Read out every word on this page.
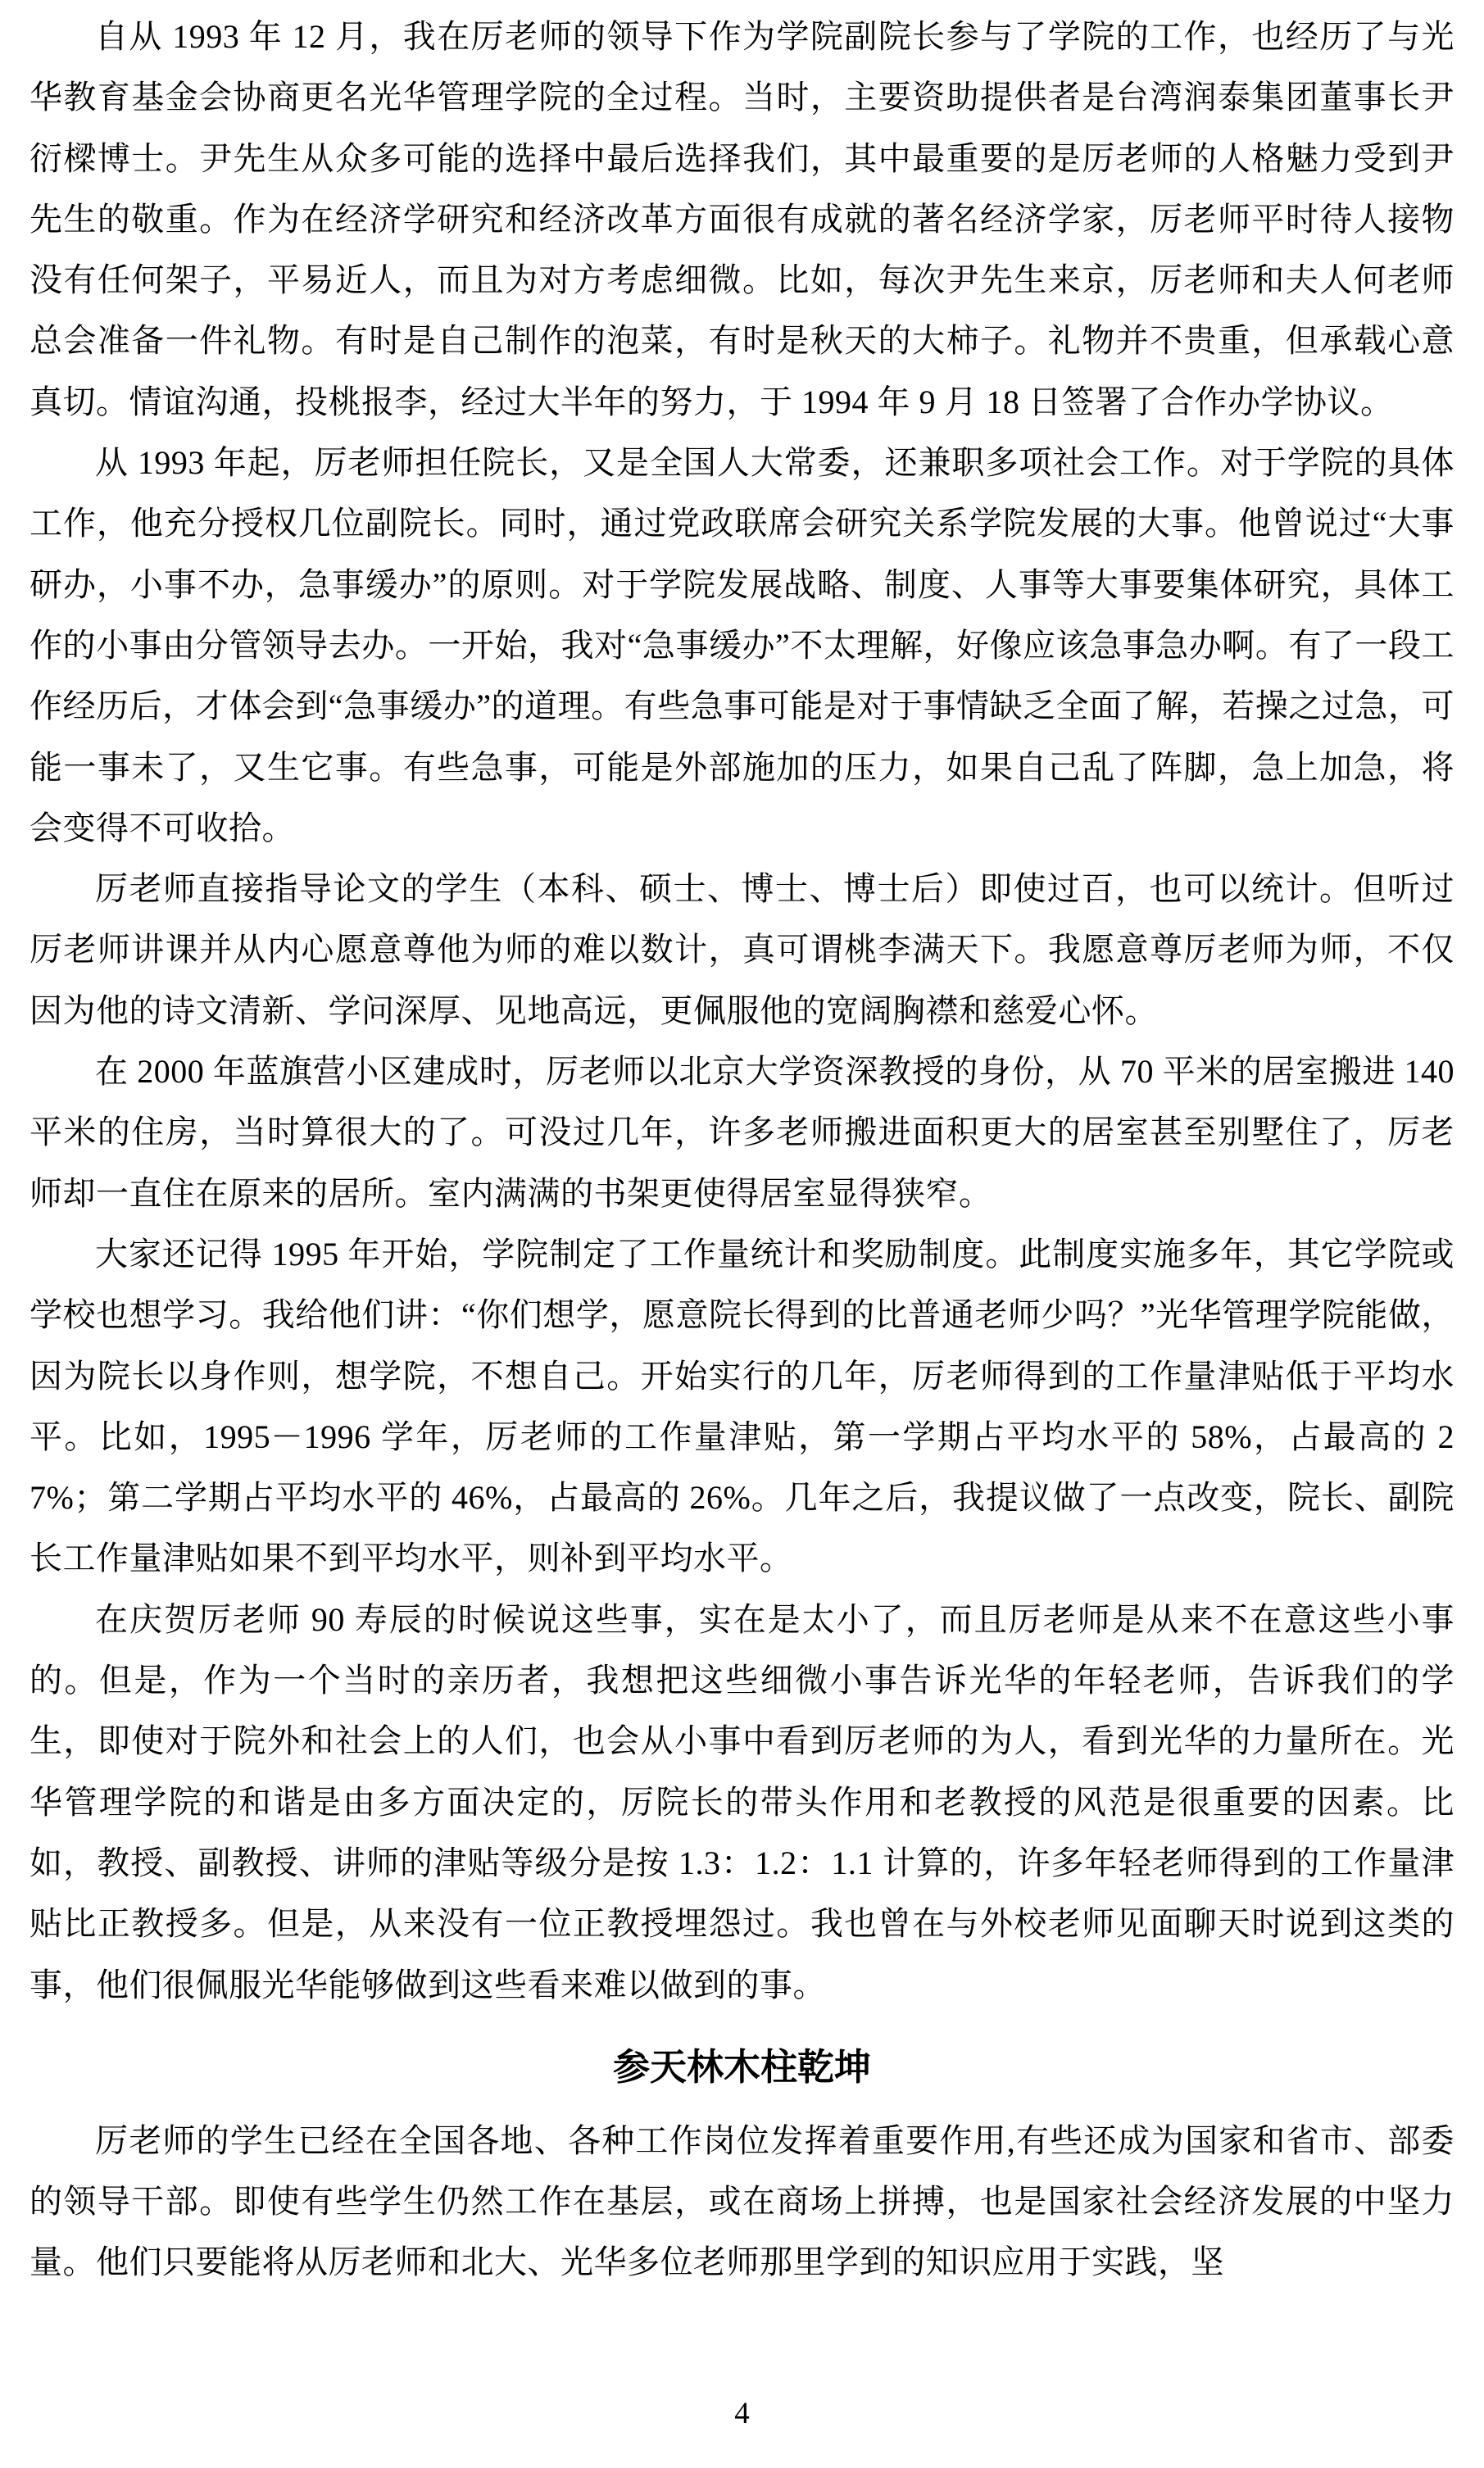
自从 1993 年 12 月，我在厉老师的领导下作为学院副院长参与了学院的工作，也经历了与光华教育基金会协商更名光华管理学院的全过程。当时，主要资助提供者是台湾润泰集团董事长尹衍樑博士。尹先生从众多可能的选择中最后选择我们，其中最重要的是厉老师的人格魅力受到尹先生的敬重。作为在经济学研究和经济改革方面很有成就的著名经济学家，厉老师平时待人接物没有任何架子，平易近人，而且为对方考虑细微。比如，每次尹先生来京，厉老师和夫人何老师总会准备一件礼物。有时是自己制作的泡菜，有时是秋天的大柿子。礼物并不贵重，但承载心意真切。情谊沟通，投桃报李，经过大半年的努力，于 1994 年 9 月 18 日签署了合作办学协议。

从 1993 年起，厉老师担任院长，又是全国人大常委，还兼职多项社会工作。对于学院的具体工作，他充分授权几位副院长。同时，通过党政联席会研究关系学院发展的大事。他曾说过“大事研办，小事不办，急事缓办”的原则。对于学院发展战略、制度、人事等大事要集体研究，具体工作的小事由分管领导去办。一开始，我对“急事缓办”不太理解，好像应该急事急办啊。有了一段工作经历后，才体会到“急事缓办”的道理。有些急事可能是对于事情缺乏全面了解，若操之过急，可能一事未了，又生它事。有些急事，可能是外部施加的压力，如果自己乱了阵脚，急上加急，将会变得不可收拾。

厉老师直接指导论文的学生（本科、硕士、博士、博士后）即使过百，也可以统计。但听过厉老师讲课并从内心愿意尊他为师的难以数计，真可谓桃李满天下。我愿意尊厉老师为师，不仅因为他的诗文清新、学问深厚、见地高远，更佩服他的宽阔胸襟和慈爱心怀。

在 2000 年蓝旗营小区建成时，厉老师以北京大学资深教授的身份，从 70 平米的居室搬进 140 平米的住房，当时算很大的了。可没过几年，许多老师搬进面积更大的居室甚至别墅住了，厉老师却一直住在原来的居所。室内满满的书架更使得居室显得狭窄。

大家还记得 1995 年开始，学院制定了工作量统计和奖励制度。此制度实施多年，其它学院或学校也想学习。我给他们讲：“你们想学，愿意院长得到的比普通老师少吗？”光华管理学院能做，因为院长以身作则，想学院，不想自己。开始实行的几年，厉老师得到的工作量津贴低于平均水平。比如，1995－1996 学年，厉老师的工作量津贴，第一学期占平均水平的 58%，占最高的 27%；第二学期占平均水平的 46%，占最高的 26%。几年之后，我提议做了一点改变，院长、副院长工作量津贴如果不到平均水平，则补到平均水平。

在庆贺厉老师 90 寿辰的时候说这些事，实在是太小了，而且厉老师是从来不在意这些小事的。但是，作为一个当时的亲历者，我想把这些细微小事告诉光华的年轻老师，告诉我们的学生，即使对于院外和社会上的人们，也会从小事中看到厉老师的为人，看到光华的力量所在。光华管理学院的和谐是由多方面决定的，厉院长的带头作用和老教授的风范是很重要的因素。比如，教授、副教授、讲师的津贴等级分是按 1.3：1.2：1.1 计算的，许多年轻老师得到的工作量津贴比正教授多。但是，从来没有一位正教授埋怨过。我也曾在与外校老师见面聊天时说到这类的事，他们很佩服光华能够做到这些看来难以做到的事。

参天林木柱乾坤

厉老师的学生已经在全国各地、各种工作岗位发挥着重要作用,有些还成为国家和省市、部委的领导干部。即使有些学生仍然工作在基层，或在商场上拼搏，也是国家社会经济发展的中坚力量。他们只要能将从厉老师和北大、光华多位老师那里学到的知识应用于实践，坚

4
